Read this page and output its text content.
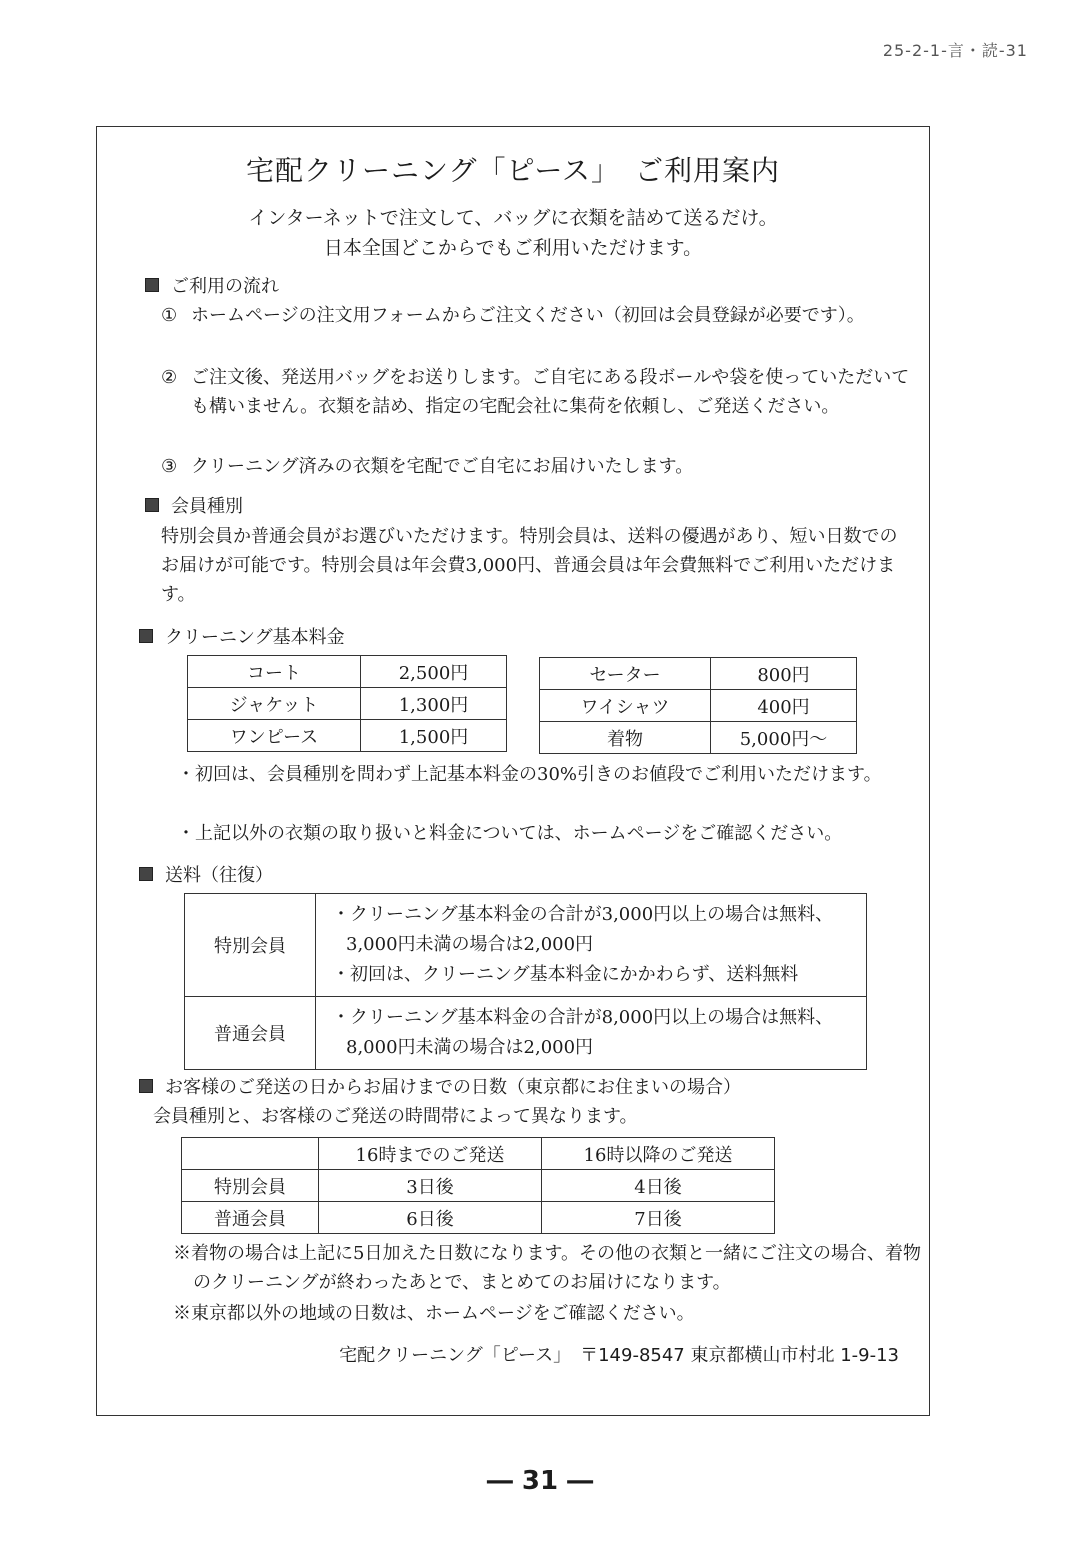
25-2-1-言・読-31
宅配クリーニング「ピース」　ご利用案内
インターネットで注文して、バッグに衣類を詰めて送るだけ。
日本全国どこからでもご利用いただけます。
ご利用の流れ
① ホームページの注文用フォームからご注文ください（初回は会員登録が必要です）。
② ご注文後、発送用バッグをお送りします。ご自宅にある段ボールや袋を使っていただいても構いません。衣類を詰め、指定の宅配会社に集荷を依頼し、ご発送ください。
③ クリーニング済みの衣類を宅配でご自宅にお届けいたします。
会員種別
特別会員か普通会員がお選びいただけます。特別会員は、送料の優遇があり、短い日数でのお届けが可能です。特別会員は年会費3,000円、普通会員は年会費無料でご利用いただけます。
クリーニング基本料金
コート	2,500円
ジャケット	1,300円
ワンピース	1,500円
セーター	800円
ワイシャツ	400円
着物	5,000円～
・初回は、会員種別を問わず上記基本料金の30%引きのお値段でご利用いただけます。
・上記以外の衣類の取り扱いと料金については、ホームページをご確認ください。
送料（往復）
特別会員	・クリーニング基本料金の合計が3,000円以上の場合は無料、3,000円未満の場合は2,000円
・初回は、クリーニング基本料金にかかわらず、送料無料

普通会員	・クリーニング基本料金の合計が8,000円以上の場合は無料、8,000円未満の場合は2,000円
お客様のご発送の日からお届けまでの日数（東京都にお住まいの場合）
会員種別と、お客様のご発送の時間帯によって異なります。
	16時までのご発送	16時以降のご発送
特別会員	3日後	4日後
普通会員	6日後	7日後
※着物の場合は上記に5日加えた日数になります。その他の衣類と一緒にご注文の場合、着物のクリーニングが終わったあとで、まとめてのお届けになります。
※東京都以外の地域の日数は、ホームページをご確認ください。
宅配クリーニング「ピース」　〒149-8547 東京都横山市村北 1-9-13
― 31 ―
